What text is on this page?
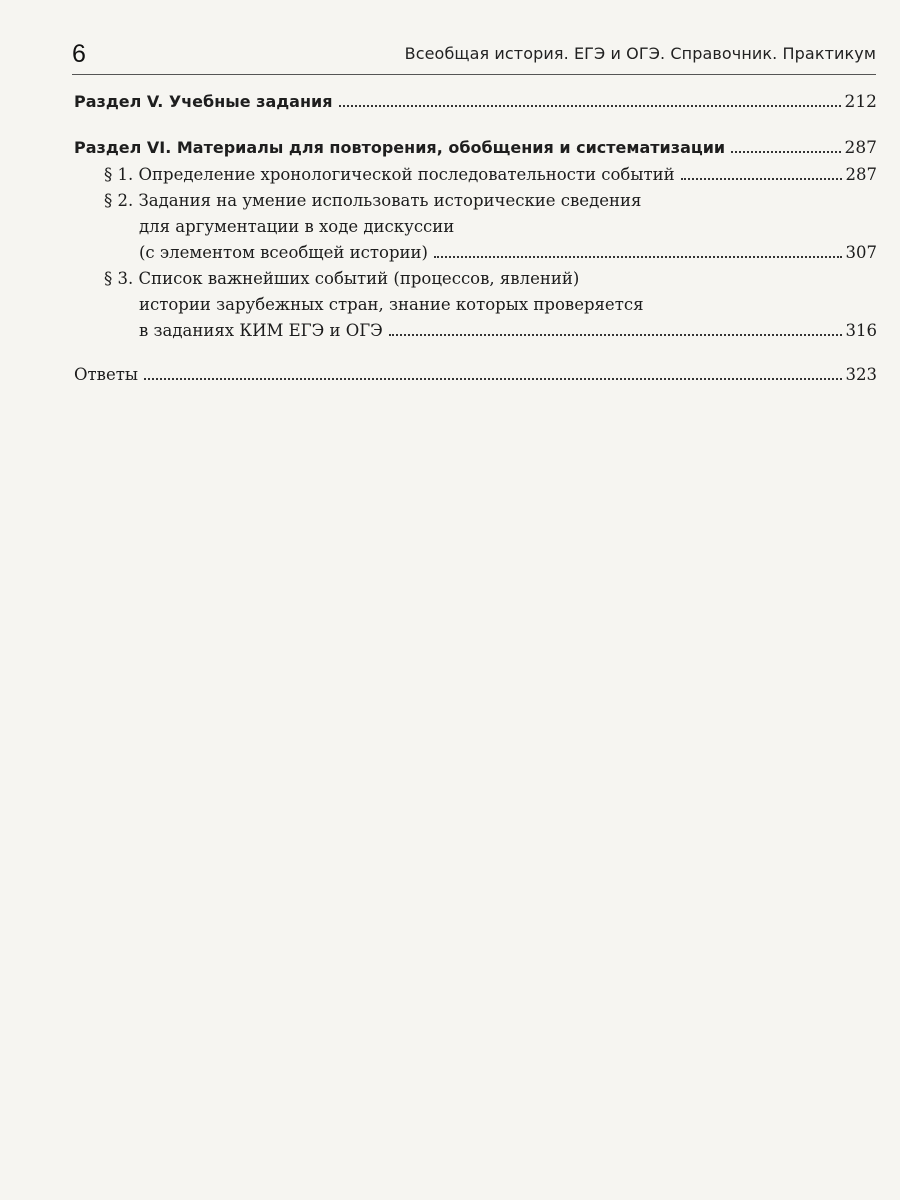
6	Всеобщая история. ЕГЭ и ОГЭ. Справочник. Практикум
Раздел V. Учебные задания	212
Раздел VI. Материалы для повторения, обобщения и систематизации	287
§ 1. Определение хронологической последовательности событий	287
§ 2. Задания на умение использовать исторические сведения
для аргументации в ходе дискуссии
(с элементом всеобщей истории)	307
§ 3. Список важнейших событий (процессов, явлений)
истории зарубежных стран, знание которых проверяется
в заданиях КИМ ЕГЭ и ОГЭ	316
Ответы	323
